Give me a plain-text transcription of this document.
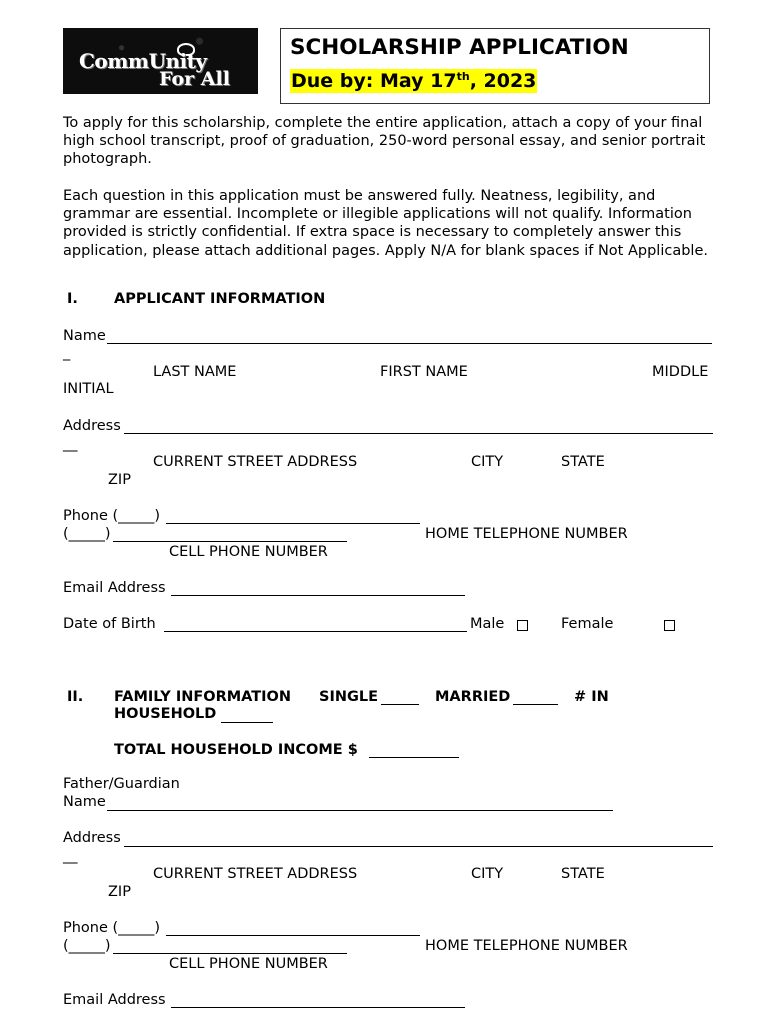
CommUnity
For All
SCHOLARSHIP APPLICATION
Due by: May 17th, 2023
To apply for this scholarship, complete the entire application, attach a copy of your final high school transcript, proof of graduation, 250-word personal essay, and senior portrait photograph.
Each question in this application must be answered fully. Neatness, legibility, and grammar are essential. Incomplete or illegible applications will not qualify. Information provided is strictly confidential. If extra space is necessary to completely answer this application, please attach additional pages. Apply N/A for blank spaces if Not Applicable.
I. APPLICANT INFORMATION
Name
_
LAST NAME	FIRST NAME	MIDDLE
INITIAL
Address
__
CURRENT STREET ADDRESS	CITY	STATE
ZIP
Phone (_____)
(_____)	HOME TELEPHONE NUMBER
CELL PHONE NUMBER
Email Address
Date of Birth	Male	Female
II. FAMILY INFORMATION SINGLE	MARRIED	# IN
HOUSEHOLD
TOTAL HOUSEHOLD INCOME $
Father/Guardian
Name
Address
__
CURRENT STREET ADDRESS	CITY	STATE
ZIP
Phone (_____)
(_____)	HOME TELEPHONE NUMBER
CELL PHONE NUMBER
Email Address
